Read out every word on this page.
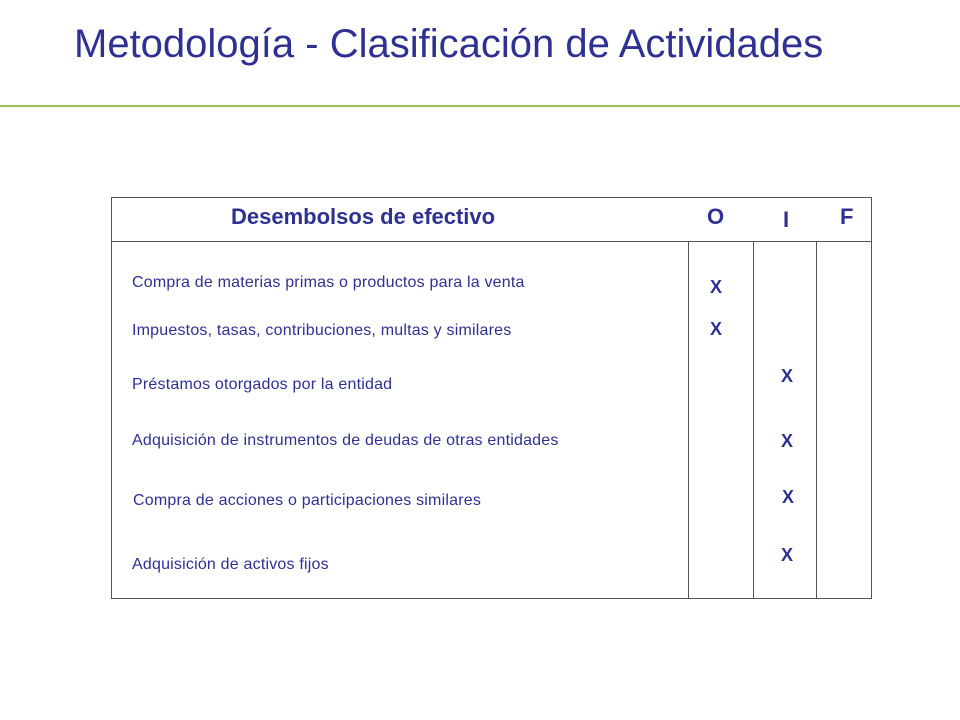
Metodología - Clasificación de Actividades
Desembolsos de efectivo	O	I F
Compra de materias primas o productos para la venta
Impuestos, tasas, contribuciones, multas y similares
Préstamos otorgados por la entidad
Adquisición de instrumentos de deudas de otras entidades
Compra de acciones o participaciones similares
Adquisición de activos fijos
X
X
X
X
X
X
